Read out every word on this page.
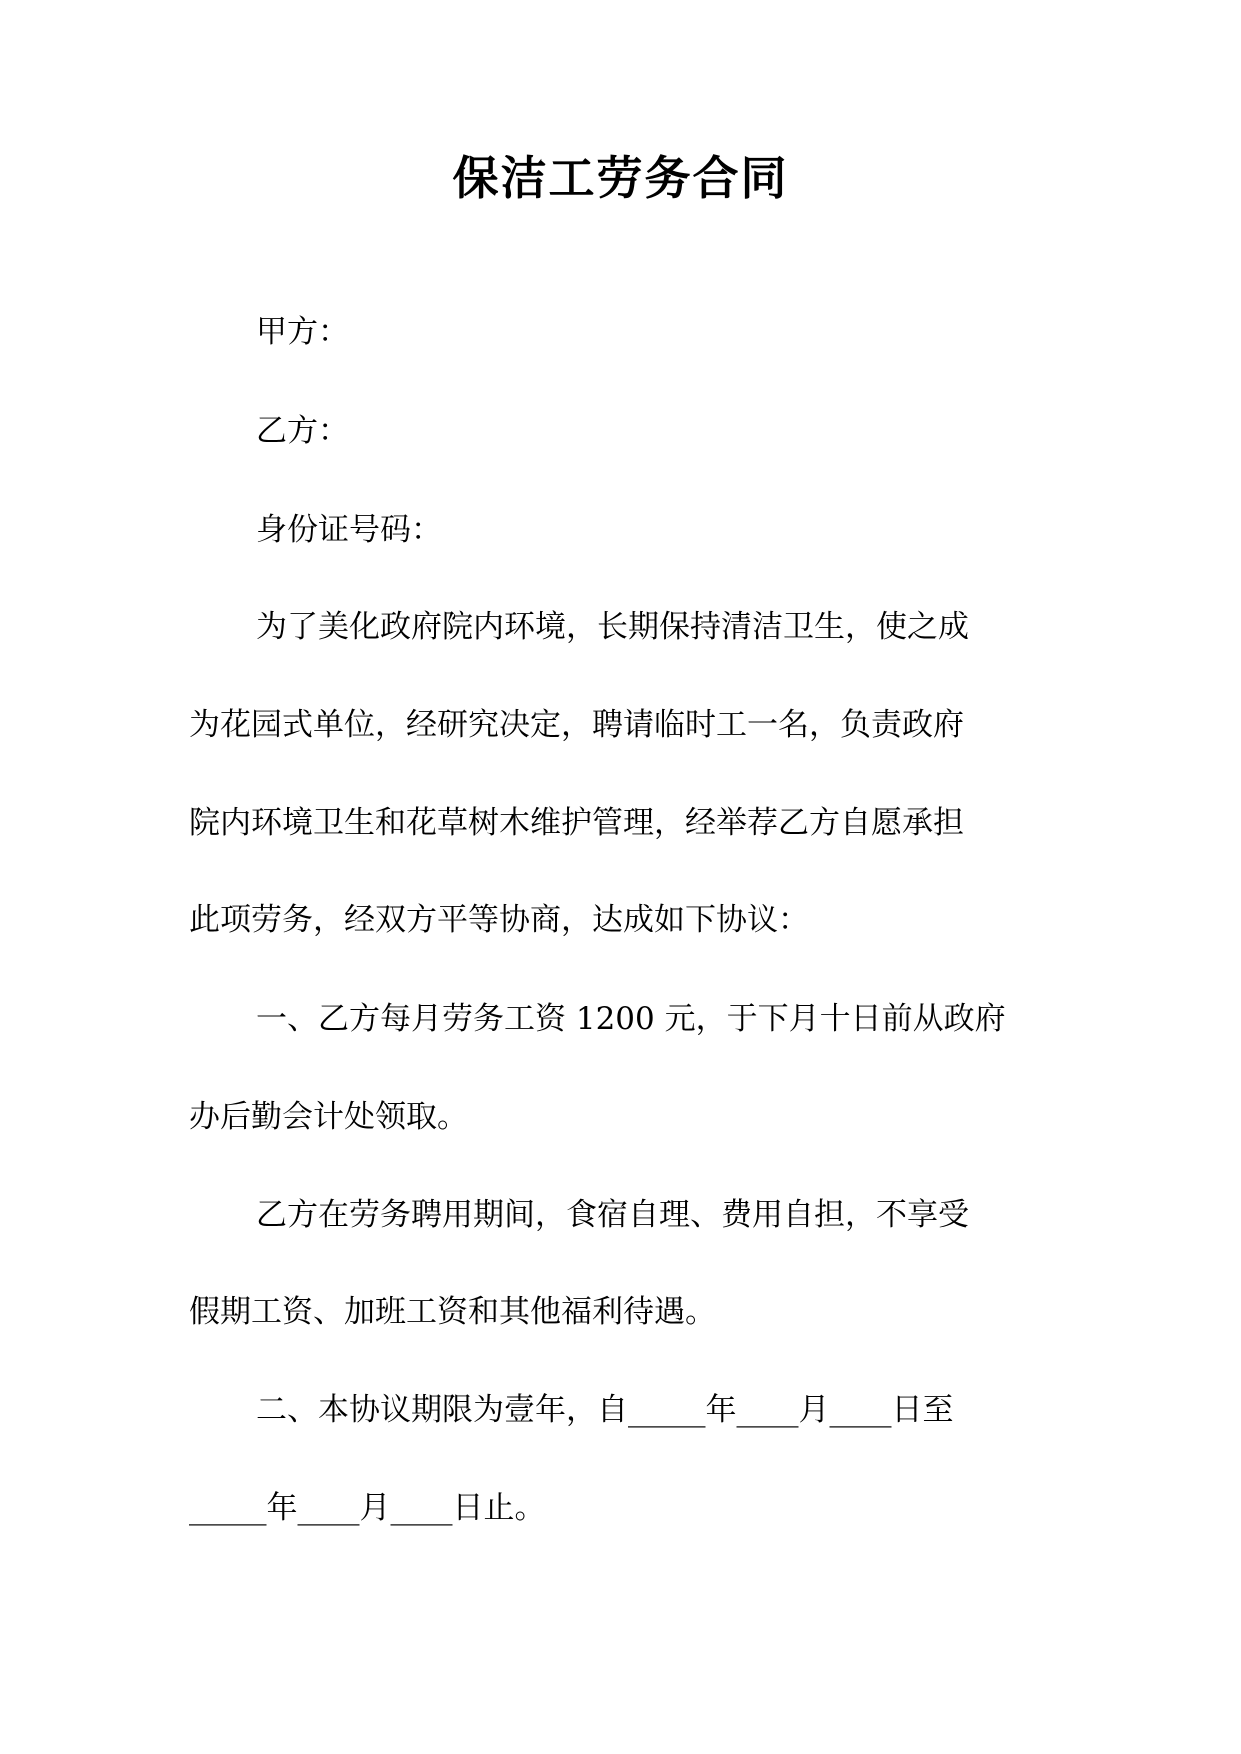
保洁工劳务合同

甲方：

乙方：

身份证号码：

为了美化政府院内环境，长期保持清洁卫生，使之成

为花园式单位，经研究决定，聘请临时工一名，负责政府

院内环境卫生和花草树木维护管理，经举荐乙方自愿承担

此项劳务，经双方平等协商，达成如下协议：

一、乙方每月劳务工资 1200 元，于下月十日前从政府

办后勤会计处领取。

乙方在劳务聘用期间，食宿自理、费用自担，不享受

假期工资、加班工资和其他福利待遇。

二、本协议期限为壹年，自_____年____月____日至

_____年____月____日止。
